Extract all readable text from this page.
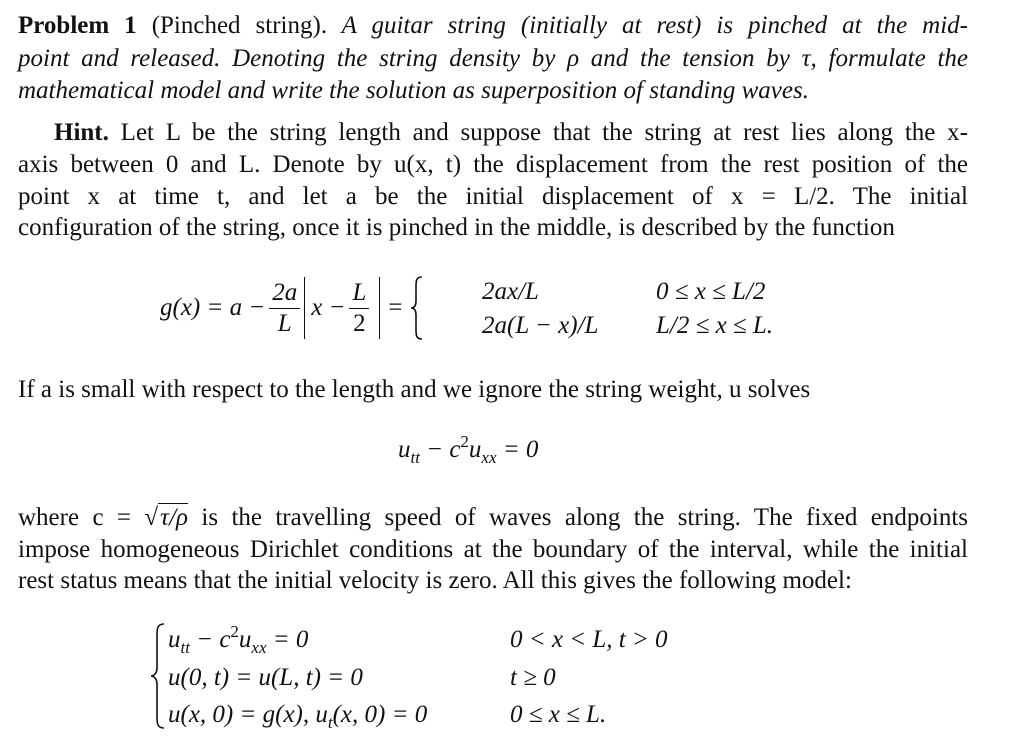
Problem 1 (Pinched string). A guitar string (initially at rest) is pinched at the mid-
point and released. Denoting the string density by ρ and the tension by τ, formulate the
mathematical model and write the solution as superposition of standing waves.
Hint. Let L be the string length and suppose that the string at rest lies along the x-
axis between 0 and L. Denote by u(x, t) the displacement from the rest position of the
point x at time t, and let a be the initial displacement of x = L/2. The initial
configuration of the string, once it is pinched in the middle, is described by the function
$g(x) = a - \frac{2a}{L}$ $x - \frac{L}{2}$ =
2ax/L	0 ≤ x ≤ L/2
2a(L − x)/L L/2 ≤ x ≤ L.
If a is small with respect to the length and we ignore the string weight, u solves
$u_{tt} - c^2u_{xx} = 0$
where c = √τ/ρ is the travelling speed of waves along the string. The fixed endpoints
impose homogeneous Dirichlet conditions at the boundary of the interval, while the initial
rest status means that the initial velocity is zero. All this gives the following model:
$u_{tt} - c^2u_{xx} = 0$	0 < x < L, t > 0
u(0, t) = u(L, t) = 0	t ≥ 0
u(x, 0) = g(x), $u_t(x$, 0) = 0	0 ≤ x ≤ L.
